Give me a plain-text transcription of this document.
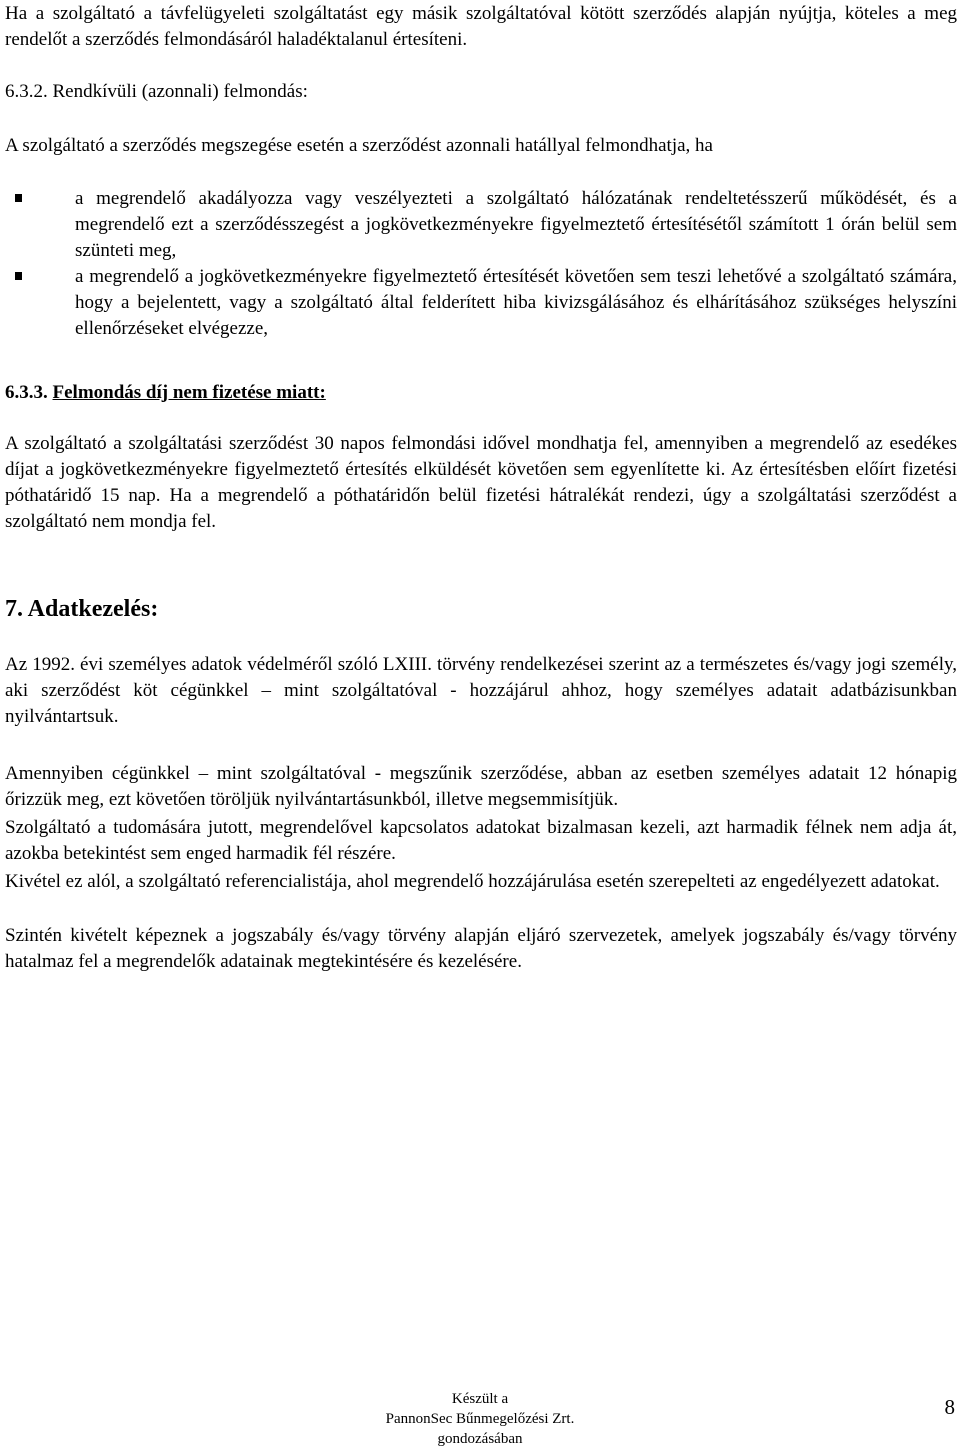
Ha a szolgáltató a távfelügyeleti szolgáltatást egy másik szolgáltatóval kötött szerződés alapján nyújtja, köteles a meg rendelőt a szerződés felmondásáról haladéktalanul értesíteni.

6.3.2. Rendkívüli (azonnali) felmondás:

A szolgáltató a szerződés megszegése esetén a szerződést azonnali hatállyal felmondhatja, ha

a megrendelő akadályozza vagy veszélyezteti a szolgáltató hálózatának rendeltetésszerű működését, és a megrendelő ezt a szerződésszegést a jogkövetkezményekre figyelmeztető értesítésétől számított 1 órán belül sem szünteti meg,
a megrendelő a jogkövetkezményekre figyelmeztető értesítését követően sem teszi lehetővé a szolgáltató számára, hogy a bejelentett, vagy a szolgáltató által felderített hiba kivizsgálásához és elhárításához szükséges helyszíni ellenőrzéseket elvégezze,
6.3.3. Felmondás díj nem fizetése miatt:

A szolgáltató a szolgáltatási szerződést 30 napos felmondási idővel mondhatja fel, amennyiben a megrendelő az esedékes díjat a jogkövetkezményekre figyelmeztető értesítés elküldését követően sem egyenlítette ki. Az értesítésben előírt fizetési póthatáridő 15 nap. Ha a megrendelő a póthatáridőn belül fizetési hátralékát rendezi, úgy a szolgáltatási szerződést a szolgáltató nem mondja fel.

7. Adatkezelés:

Az 1992. évi személyes adatok védelméről szóló LXIII. törvény rendelkezései szerint az a természetes és/vagy jogi személy, aki szerződést köt cégünkkel – mint szolgáltatóval - hozzájárul ahhoz, hogy személyes adatait adatbázisunkban nyilvántartsuk.

Amennyiben cégünkkel – mint szolgáltatóval - megszűnik szerződése, abban az esetben személyes adatait 12 hónapig őrizzük meg, ezt követően töröljük nyilvántartásunkból, illetve megsemmisítjük.

Szolgáltató a tudomására jutott, megrendelővel kapcsolatos adatokat bizalmasan kezeli, azt harmadik félnek nem adja át, azokba betekintést sem enged harmadik fél részére.

Kivétel ez alól, a szolgáltató referencialistája, ahol megrendelő hozzájárulása esetén szerepelteti az engedélyezett adatokat.

Szintén kivételt képeznek a jogszabály és/vagy törvény alapján eljáró szervezetek, amelyek jogszabály és/vagy törvény hatalmaz fel a megrendelők adatainak megtekintésére és kezelésére.

Készült a
PannonSec Bűnmegelőzési Zrt.
gondozásában
8
